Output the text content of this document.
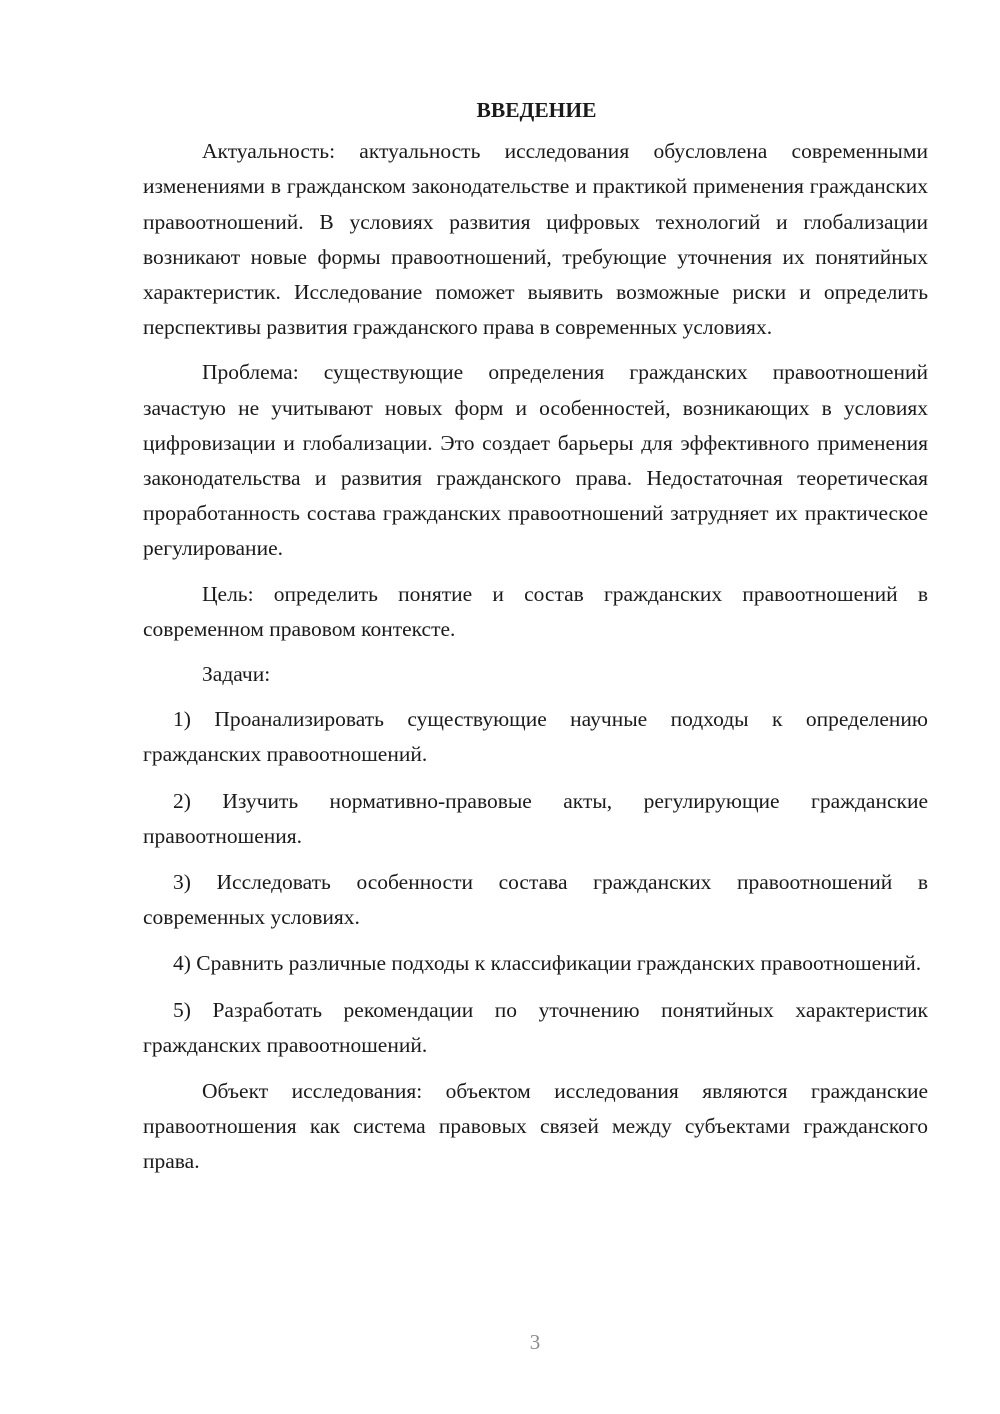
ВВЕДЕНИЕ

Актуальность: актуальность исследования обусловлена современными изменениями в гражданском законодательстве и практикой применения гражданских правоотношений. В условиях развития цифровых технологий и глобализации возникают новые формы правоотношений, требующие уточнения их понятийных характеристик. Исследование поможет выявить возможные риски и определить перспективы развития гражданского права в современных условиях.

Проблема: существующие определения гражданских правоотношений зачастую не учитывают новых форм и особенностей, возникающих в условиях цифровизации и глобализации. Это создает барьеры для эффективного применения законодательства и развития гражданского права. Недостаточная теоретическая проработанность состава гражданских правоотношений затрудняет их практическое регулирование.

Цель: определить понятие и состав гражданских правоотношений в современном правовом контексте.

Задачи:

1) Проанализировать существующие научные подходы к определению гражданских правоотношений.

2) Изучить нормативно-правовые акты, регулирующие гражданские правоотношения.

3) Исследовать особенности состава гражданских правоотношений в современных условиях.

4) Сравнить различные подходы к классификации гражданских правоотношений.

5) Разработать рекомендации по уточнению понятийных характеристик гражданских правоотношений.

Объект исследования: объектом исследования являются гражданские правоотношения как система правовых связей между субъектами гражданского права.

3
